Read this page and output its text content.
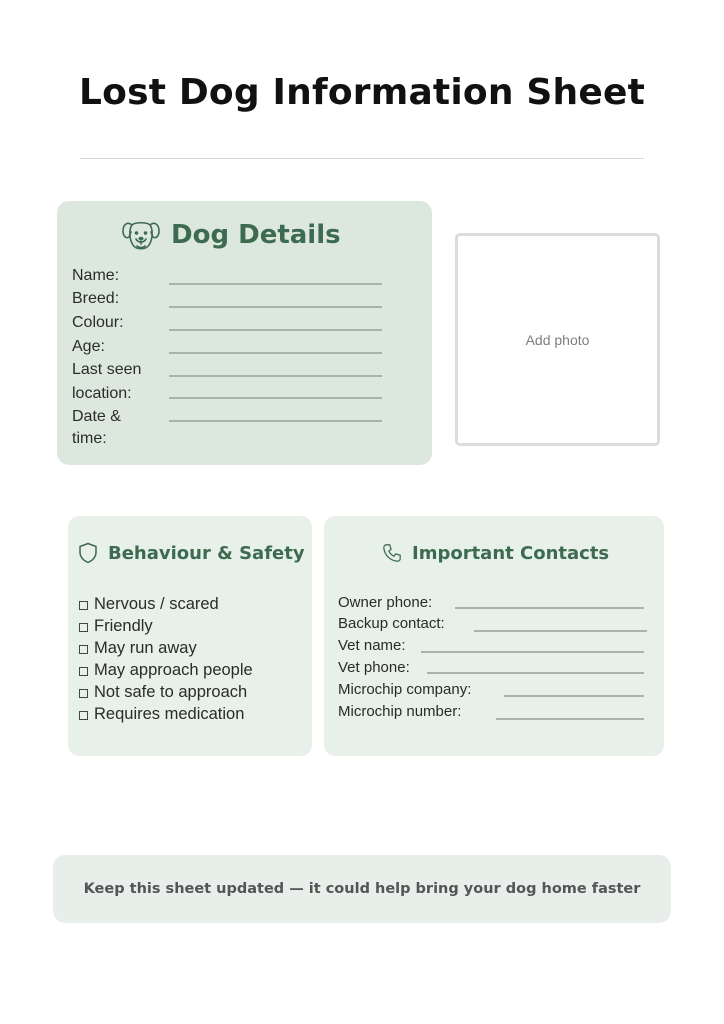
Lost Dog Information Sheet
Dog Details
Name:
Breed:
Colour:
Age:
Last seen
location:
Date &
time:
Add photo
Behaviour & Safety
Nervous / scared
Friendly
May run away
May approach people
Not safe to approach
Requires medication
Important Contacts
Owner phone:
Backup contact:
Vet name:
Vet phone:
Microchip company:
Microchip number:
Keep this sheet updated — it could help bring your dog home faster
